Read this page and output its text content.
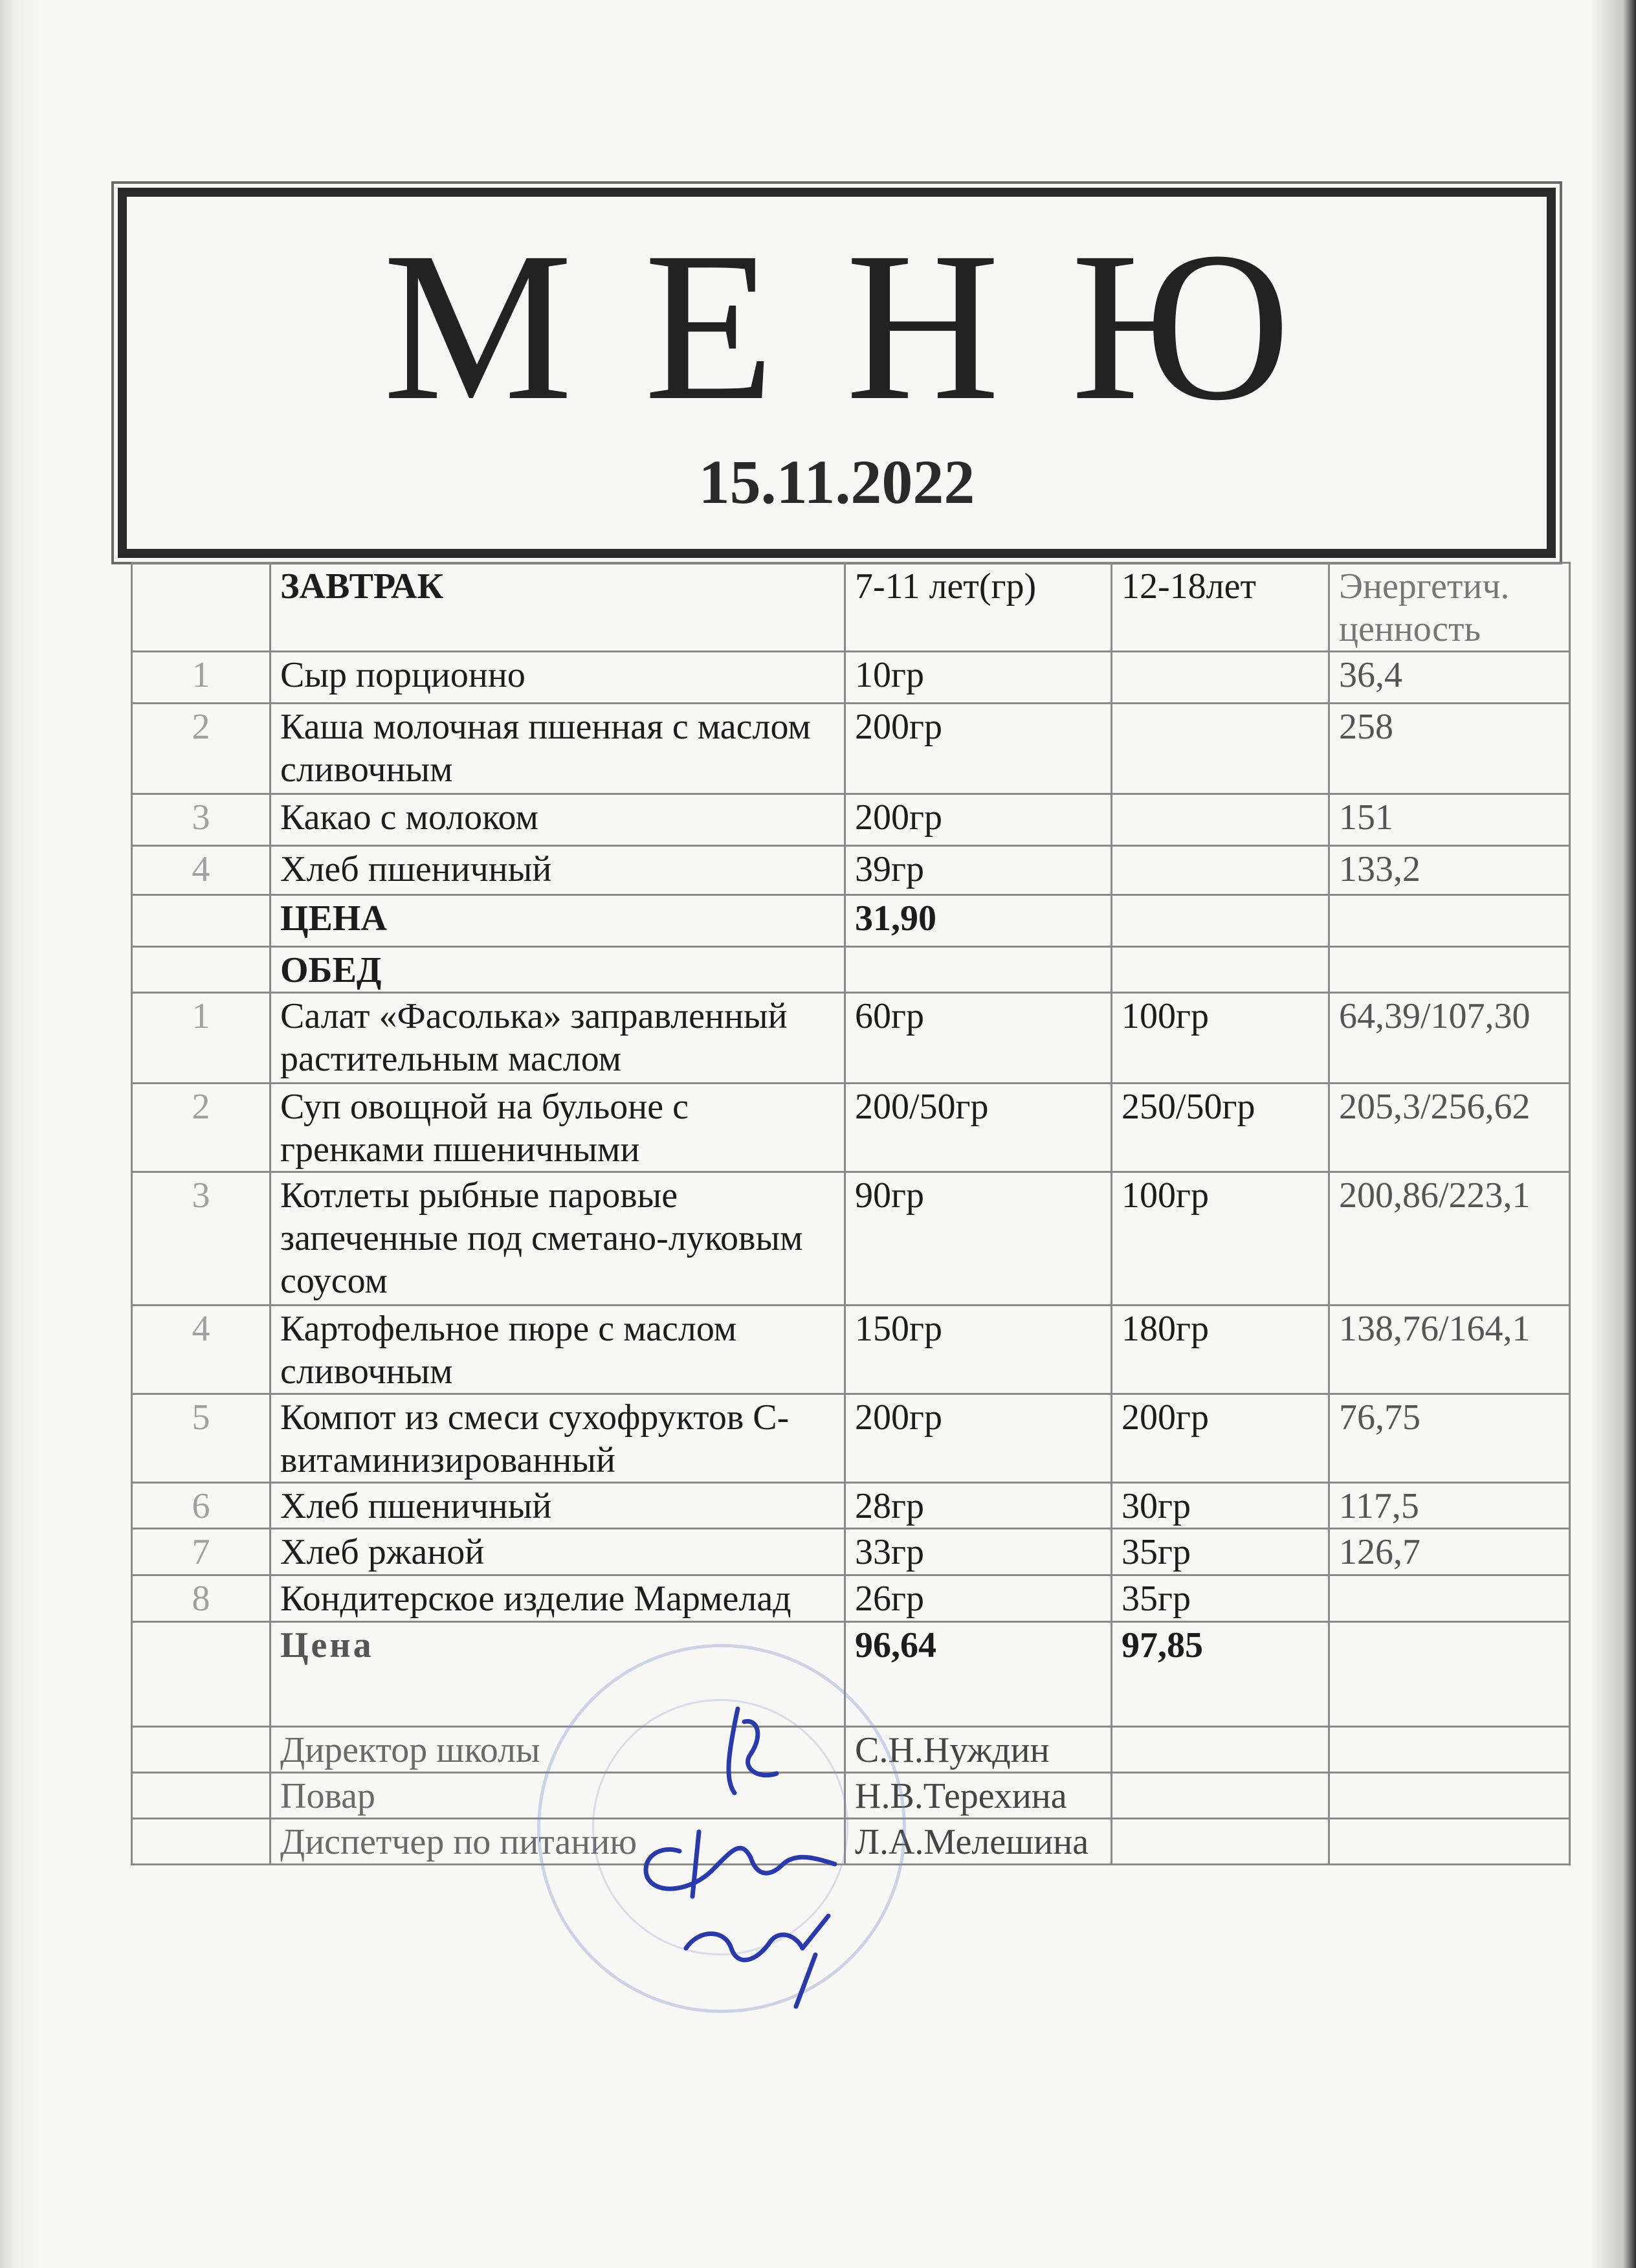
МЕНЮ
15.11.2022
	ЗАВТРАК	7-11 лет(гр)	12-18лет	Энергетич. ценность
1	Сыр порционно	10гр		36,4
2	Каша молочная пшенная с маслом сливочным	200гр		258
3	Какао с молоком	200гр		151
4	Хлеб пшеничный	39гр		133,2
	ЦЕНА	31,90		
	ОБЕД			
1	Салат «Фасолька» заправленный растительным маслом	60гр	100гр	64,39/107,30
2	Суп овощной на бульоне с гренками пшеничными	200/50гр	250/50гр	205,3/256,62
3	Котлеты рыбные паровые запеченные под сметано-луковым соусом	90гр	100гр	200,86/223,1
4	Картофельное пюре с маслом сливочным	150гр	180гр	138,76/164,1
5	Компот из смеси сухофруктов С-витаминизированный	200гр	200гр	76,75
6	Хлеб пшеничный	28гр	30гр	117,5
7	Хлеб ржаной	33гр	35гр	126,7
8	Кондитерское изделие Мармелад	26гр	35гр	
	Цена	96,64	97,85	
	Директор школы	С.Н.Нуждин		
	Повар	Н.В.Терехина		
	Диспетчер по питанию	Л.А.Мелешина		
